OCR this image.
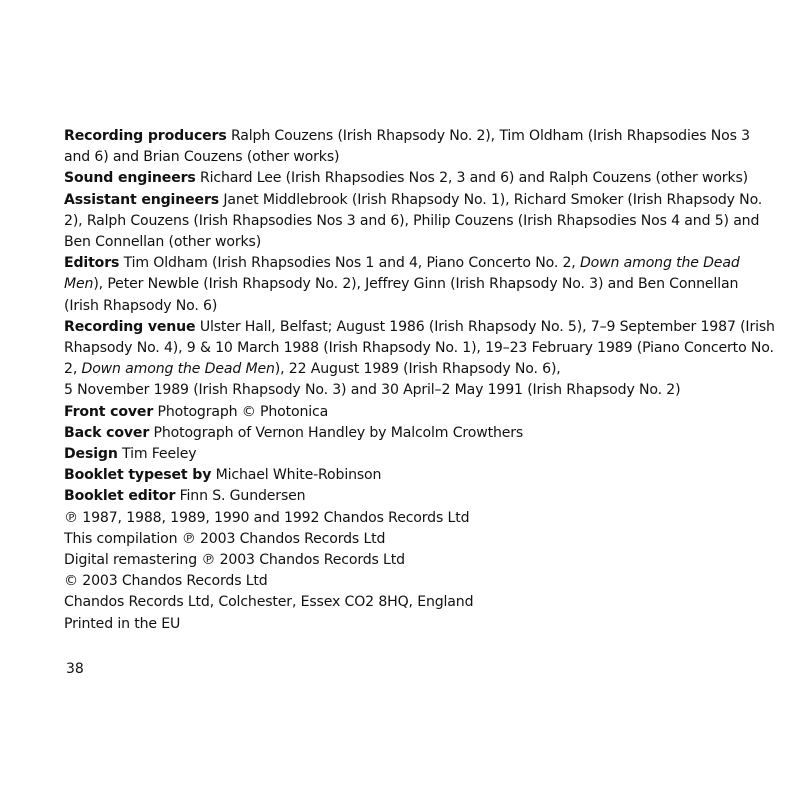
Recording producers Ralph Couzens (Irish Rhapsody No. 2), Tim Oldham (Irish Rhapsodies Nos 3 and 6) and Brian Couzens (other works)

Sound engineers Richard Lee (Irish Rhapsodies Nos 2, 3 and 6) and Ralph Couzens (other works)

Assistant engineers Janet Middlebrook (Irish Rhapsody No. 1), Richard Smoker (Irish Rhapsody No. 2), Ralph Couzens (Irish Rhapsodies Nos 3 and 6), Philip Couzens (Irish Rhapsodies Nos 4 and 5) and Ben Connellan (other works)

Editors Tim Oldham (Irish Rhapsodies Nos 1 and 4, Piano Concerto No. 2, Down among the Dead Men), Peter Newble (Irish Rhapsody No. 2), Jeffrey Ginn (Irish Rhapsody No. 3) and Ben Connellan (Irish Rhapsody No. 6)

Recording venue Ulster Hall, Belfast; August 1986 (Irish Rhapsody No. 5), 7–9 September 1987 (Irish Rhapsody No. 4), 9 & 10 March 1988 (Irish Rhapsody No. 1), 19–23 February 1989 (Piano Concerto No. 2, Down among the Dead Men), 22 August 1989 (Irish Rhapsody No. 6),
5 November 1989 (Irish Rhapsody No. 3) and 30 April–2 May 1991 (Irish Rhapsody No. 2)

Front cover Photograph © Photonica

Back cover Photograph of Vernon Handley by Malcolm Crowthers

Design Tim Feeley

Booklet typeset by Michael White-Robinson

Booklet editor Finn S. Gundersen

℗ 1987, 1988, 1989, 1990 and 1992 Chandos Records Ltd

This compilation ℗ 2003 Chandos Records Ltd

Digital remastering ℗ 2003 Chandos Records Ltd

© 2003 Chandos Records Ltd

Chandos Records Ltd, Colchester, Essex CO2 8HQ, England

Printed in the EU

38
